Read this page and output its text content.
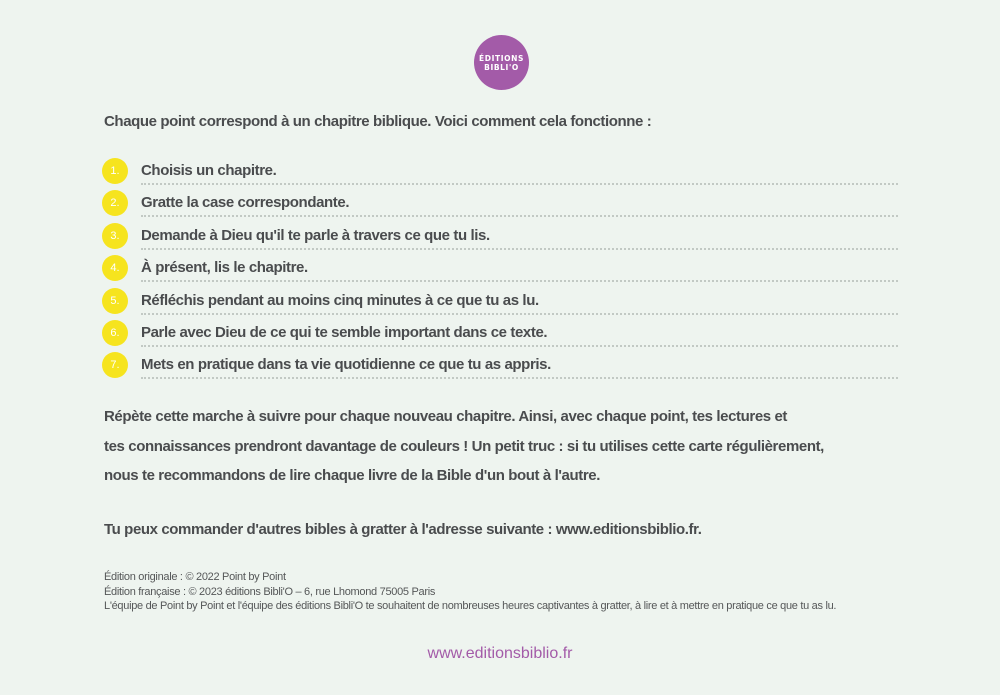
ÉDITIONS
BIBLI'O
Chaque point correspond à un chapitre biblique. Voici comment cela fonctionne :
1.	Choisis un chapitre.
2.	Gratte la case correspondante.
3.	Demande à Dieu qu'il te parle à travers ce que tu lis.
4.	À présent, lis le chapitre.
5.	Réfléchis pendant au moins cinq minutes à ce que tu as lu.
6.	Parle avec Dieu de ce qui te semble important dans ce texte.
7.	Mets en pratique dans ta vie quotidienne ce que tu as appris.
Répète cette marche à suivre pour chaque nouveau chapitre. Ainsi, avec chaque point, tes lectures et
tes connaissances prendront davantage de couleurs ! Un petit truc : si tu utilises cette carte régulièrement,
nous te recommandons de lire chaque livre de la Bible d'un bout à l'autre.
Tu peux commander d'autres bibles à gratter à l'adresse suivante : www.editionsbiblio.fr.
Édition originale : © 2022 Point by Point
Édition française : © 2023 éditions Bibli'O – 6, rue Lhomond 75005 Paris
L'équipe de Point by Point et l'équipe des éditions Bibli'O te souhaitent de nombreuses heures captivantes à gratter, à lire et à mettre en pratique ce que tu as lu.
www.editionsbiblio.fr
